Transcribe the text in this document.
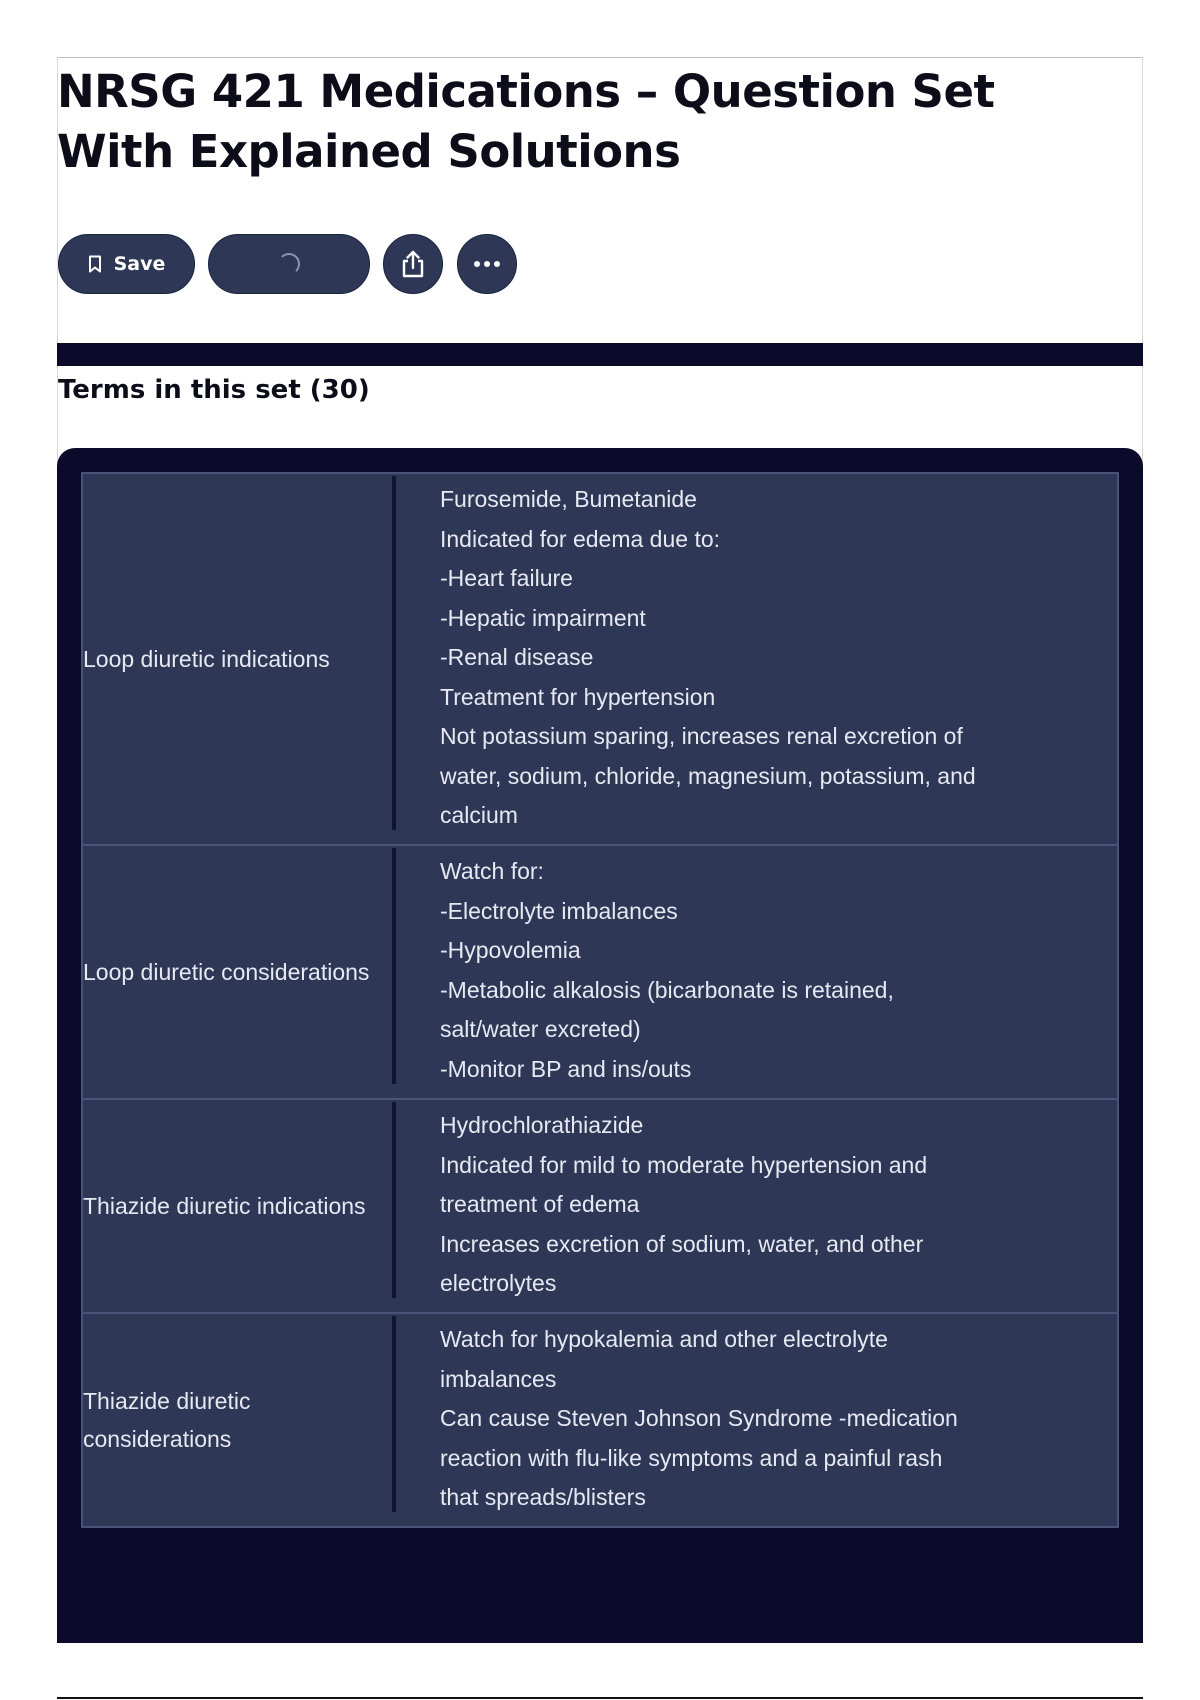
NRSG 421 Medications – Question Set With Explained Solutions
Save
Terms in this set (30)
Loop diuretic indications
Furosemide, Bumetanide
Indicated for edema due to:
-Heart failure
-Hepatic impairment
-Renal disease
Treatment for hypertension
Not potassium sparing, increases renal excretion of
water, sodium, chloride, magnesium, potassium, and
calcium
Loop diuretic considerations
Watch for:
-Electrolyte imbalances
-Hypovolemia
-Metabolic alkalosis (bicarbonate is retained,
salt/water excreted)
-Monitor BP and ins/outs
Thiazide diuretic indications
Hydrochlorathiazide
Indicated for mild to moderate hypertension and
treatment of edema
Increases excretion of sodium, water, and other
electrolytes
Thiazide diuretic considerations
Watch for hypokalemia and other electrolyte
imbalances
Can cause Steven Johnson Syndrome -medication
reaction with flu-like symptoms and a painful rash
that spreads/blisters
